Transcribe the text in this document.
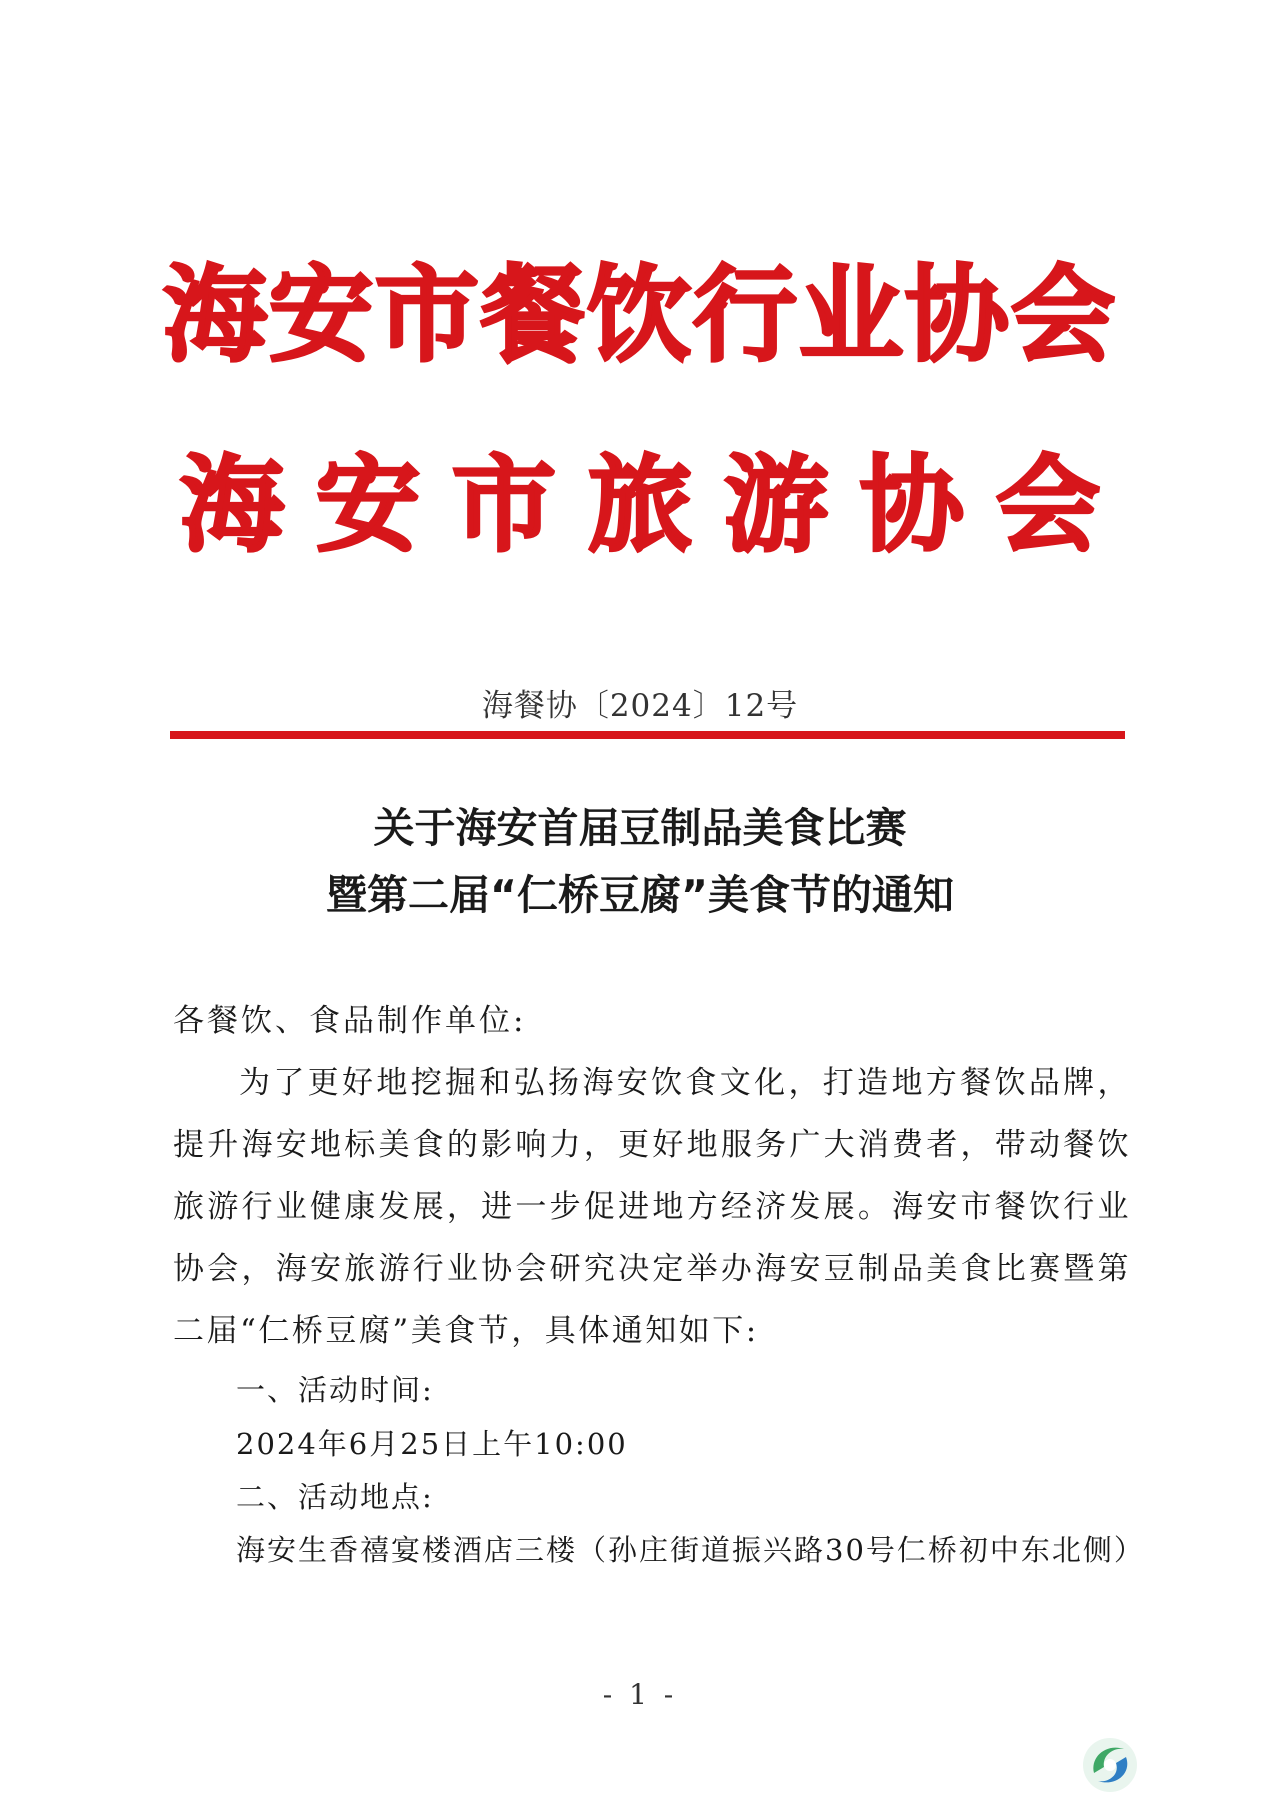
海安市餐饮行业协会
海安市旅游协会
海餐协〔2024〕12号
关于海安首届豆制品美食比赛
暨第二届“仁桥豆腐”美食节的通知
各餐饮、食品制作单位:
为了更好地挖掘和弘扬海安饮食文化，打造地方餐饮品牌，提升海安地标美食的影响力，更好地服务广大消费者，带动餐饮旅游行业健康发展，进一步促进地方经济发展。海安市餐饮行业协会，海安旅游行业协会研究决定举办海安豆制品美食比赛暨第二届“仁桥豆腐”美食节，具体通知如下:
一、活动时间:
2024年6月25日上午10:00
二、活动地点:
海安生香禧宴楼酒店三楼（孙庄街道振兴路30号仁桥初中东北侧）
- 1 -
